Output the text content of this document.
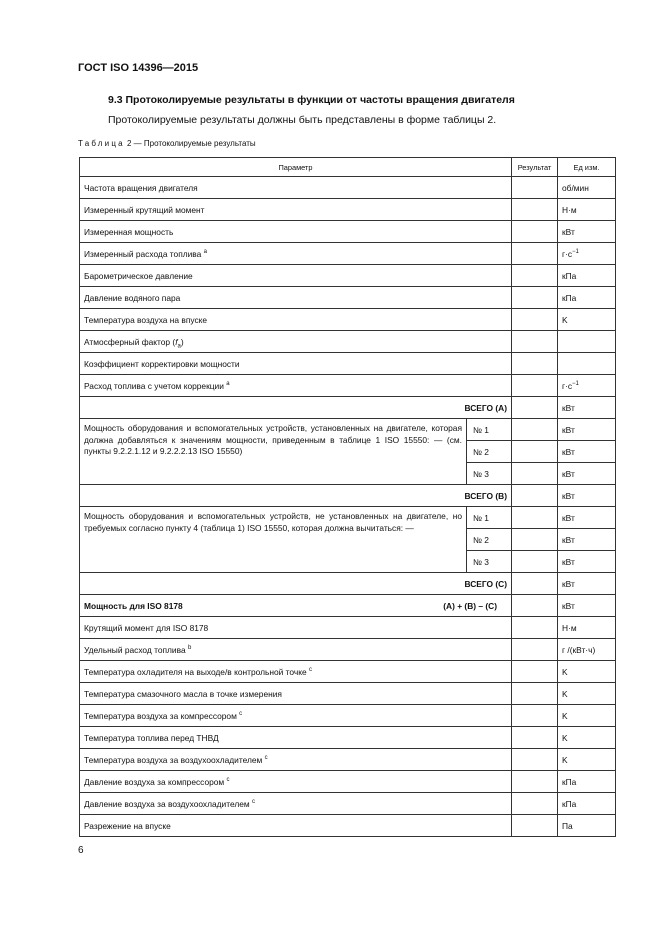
ГОСТ ISO 14396—2015
9.3 Протоколируемые результаты в функции от частоты вращения двигателя
Протоколируемые результаты должны быть представлены в форме таблицы 2.
Таблица 2 — Протоколируемые результаты
Параметр		Результат	Ед изм.
Частота вращения двигателя			об/мин
Измеренный крутящий момент			Н·м
Измеренная мощность			кВт
Измеренный расхода топлива $^a$			$г\cdot с^{-1}$
Барометрическое давление			кПа
Давление водяного пара			кПа
Температура воздуха на впуске			K
Атмосферный фактор $(f_a)$			
Коэффициент корректировки мощности			
Расход топлива с учетом коррекции $^a$			$г\cdot с^{-1}$
ВСЕГО (А)			кВт
Мощность оборудования и вспомогательных устройств, установленных на двигателе, которая должна добавляться к значениям мощности, приведенным в таблице 1 ISO 15550: — (см. пункты 9.2.2.1.12 и 9.2.2.2.13 ISO 15550)	№ 1		кВт
	№ 2		кВт
	№ 3		кВт
ВСЕГО (В)			кВт
Мощность оборудования и вспомогательных устройств, не установленных на двигателе, но требуемых согласно пункту 4 (таблица 1) ISO 15550, которая должна вычитаться: —	№ 1		кВт
	№ 2		кВт
	№ 3		кВт
ВСЕГО (С)			кВт

Мощность для ISO 8178 (А) + (В) – (С)			кВт
Крутящий момент для ISO 8178			Н·м
Удельный расход топлива $^b$			г /(кВт·ч)
Температура охладителя на выходе/в контрольной точке $^c$			K
Температура смазочного масла в точке измерения			K
Температура воздуха за компрессором $^c$			K
Температура топлива перед ТНВД			K
Температура воздуха за воздухоохладителем $^c$			K
Давление воздуха за компрессором $^c$			кПа
Давление воздуха за воздухоохладителем $^c$			кПа
Разрежение на впуске			Па
6
